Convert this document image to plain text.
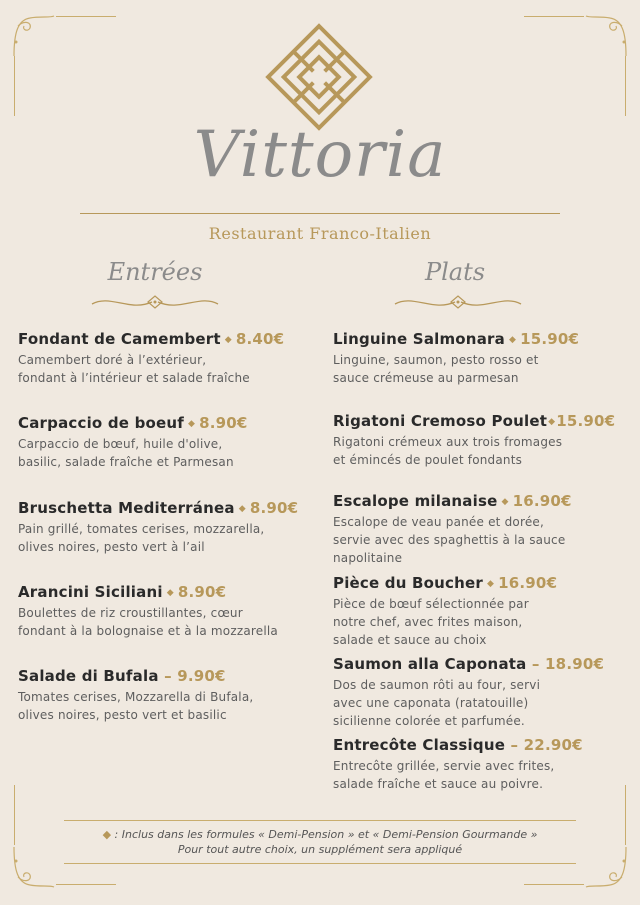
Vittoria
Restaurant Franco-Italien
Entrées	Plats
Fondant de Camembert ◆ 8.40€
Camembert doré à l’extérieur,
fondant à l’intérieur et salade fraîche
Carpaccio de boeuf ◆ 8.90€
Carpaccio de bœuf, huile d'olive,
basilic, salade fraîche et Parmesan
Bruschetta Mediterránea ◆ 8.90€
Pain grillé, tomates cerises, mozzarella,
olives noires, pesto vert à l’ail
Arancini Siciliani ◆ 8.90€
Boulettes de riz croustillantes, cœur
fondant à la bolognaise et à la mozzarella
Salade di Bufala – 9.90€
Tomates cerises, Mozzarella di Bufala,
olives noires, pesto vert et basilic
Linguine Salmonara ◆ 15.90€
Linguine, saumon, pesto rosso et
sauce crémeuse au parmesan
Rigatoni Cremoso Poulet◆15.90€
Rigatoni crémeux aux trois fromages
et émincés de poulet fondants
Escalope milanaise ◆ 16.90€
Escalope de veau panée et dorée,
servie avec des spaghettis à la sauce
napolitaine
Pièce du Boucher ◆ 16.90€
Pièce de bœuf sélectionnée par
notre chef, avec frites maison,
salade et sauce au choix
Saumon alla Caponata – 18.90€
Dos de saumon rôti au four, servi
avec une caponata (ratatouille)
sicilienne colorée et parfumée.
Entrecôte Classique – 22.90€
Entrecôte grillée, servie avec frites,
salade fraîche et sauce au poivre.
◆ : Inclus dans les formules « Demi-Pension » et « Demi-Pension Gourmande »
Pour tout autre choix, un supplément sera appliqué
